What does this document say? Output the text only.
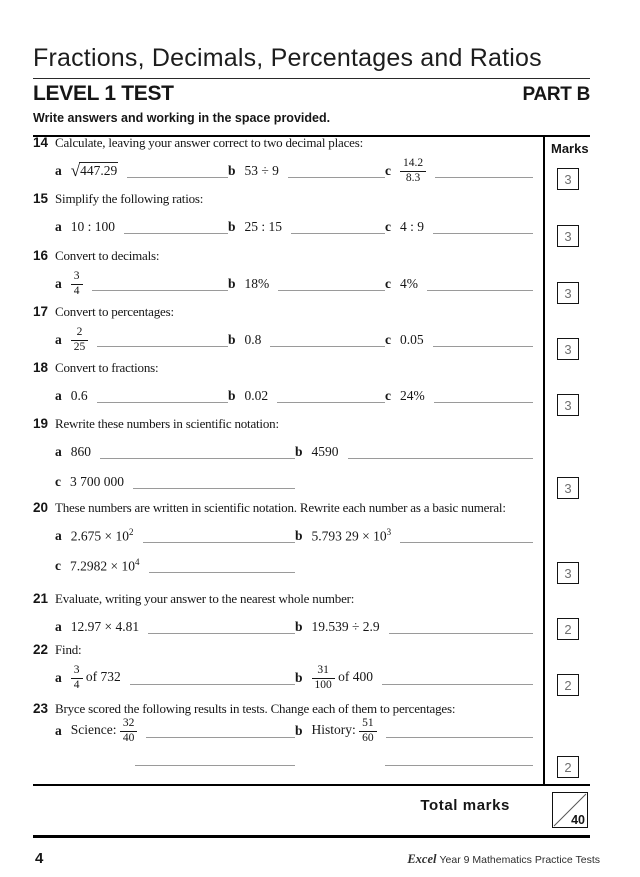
Fractions, Decimals, Percentages and Ratios
LEVEL 1 TEST	PART B
Write answers and working in the space provided.
Marks
14 Calculate, leaving your answer correct to two decimal places:
a √ 447.29	b 53 ÷ 9	c $\frac{14.2}{8.3}$
15 Simplify the following ratios:
a 10 : 100	b 25 : 15	c 4 : 9
16 Convert to decimals:
a $\frac{3}{4}$	b 18%	c 4%
17 Convert to percentages:
a $\frac{2}{25}$	b 0.8	c 0.05
18 Convert to fractions:
a 0.6	b 0.02	c 24%
19 Rewrite these numbers in scientific notation:
a 860	b 4590
c 3 700 000
20 These numbers are written in scientific notation. Rewrite each number as a basic numeral:
a $2.675 \times 10^2$	b 5.793 $29 \times 10^3$
c $7.2982 \times 10^4$
21 Evaluate, writing your answer to the nearest whole number:
a 12.97 × 4.81	b 19.539 ÷ 2.9
22 Find:
a $\frac{3}{4}$ of 732	b $\frac{31}{100}$ of 400
23 Bryce scored the following results in tests. Change each of them to percentages:
a Science: $\frac{32}{40}$	b History: $\frac{51}{60}$
3
3
3
3
3
3
3
2
2
2
Total marks
40
4	Excel Year 9 Mathematics Practice Tests
